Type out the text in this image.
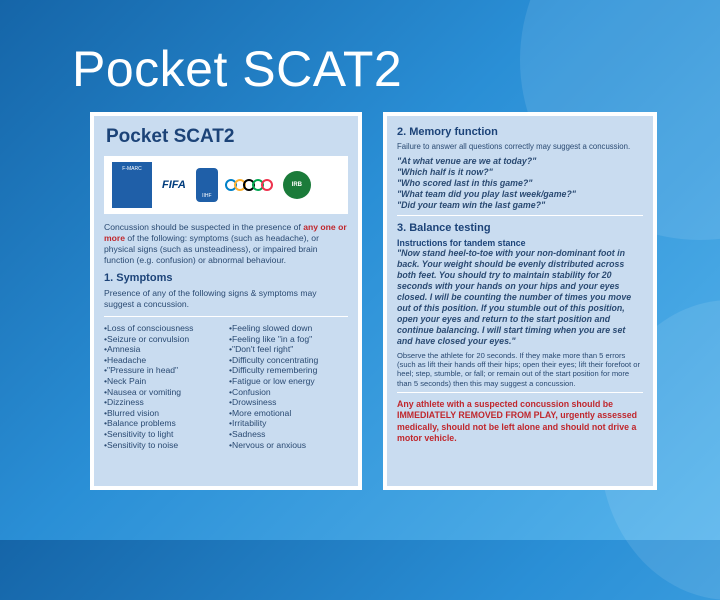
Pocket SCAT2
Pocket SCAT2
F-MARC
FIFA
IIHF
IRB

Concussion should be suspected in the presence of any one or more of the following: symptoms (such as headache), or physical signs (such as unsteadiness), or impaired brain function (e.g. confusion) or abnormal behaviour.

1. Symptoms

Presence of any of the following signs & symptoms may suggest a concussion.

• Loss of consciousness
• Seizure or convulsion
• Amnesia
• Headache
• "Pressure in head"
• Neck Pain
• Nausea or vomiting
• Dizziness
• Blurred vision
• Balance problems
• Sensitivity to light
• Sensitivity to noise
• Feeling slowed down
• Feeling like "in a fog"
• "Don't feel right"
• Difficulty concentrating
• Difficulty remembering
• Fatigue or low energy
• Confusion
• Drowsiness
• More emotional
• Irritability
• Sadness
• Nervous or anxious
2. Memory function

Failure to answer all questions correctly may suggest a concussion.

"At what venue are we at today?"
"Which half is it now?"
"Who scored last in this game?"
"What team did you play last week/game?"
"Did your team win the last game?"
3. Balance testing
Instructions for tandem stance

"Now stand heel-to-toe with your non-dominant foot in back. Your weight should be evenly distributed across both feet. You should try to maintain stability for 20 seconds with your hands on your hips and your eyes closed. I will be counting the number of times you move out of this position. If you stumble out of this position, open your eyes and return to the start position and continue balancing. I will start timing when you are set and have closed your eyes."

Observe the athlete for 20 seconds. If they make more than 5 errors (such as lift their hands off their hips; open their eyes; lift their forefoot or heel; step, stumble, or fall; or remain out of the start position for more than 5 seconds) then this may suggest a concussion.

Any athlete with a suspected concussion should be IMMEDIATELY REMOVED FROM PLAY, urgently assessed medically, should not be left alone and should not drive a motor vehicle.
